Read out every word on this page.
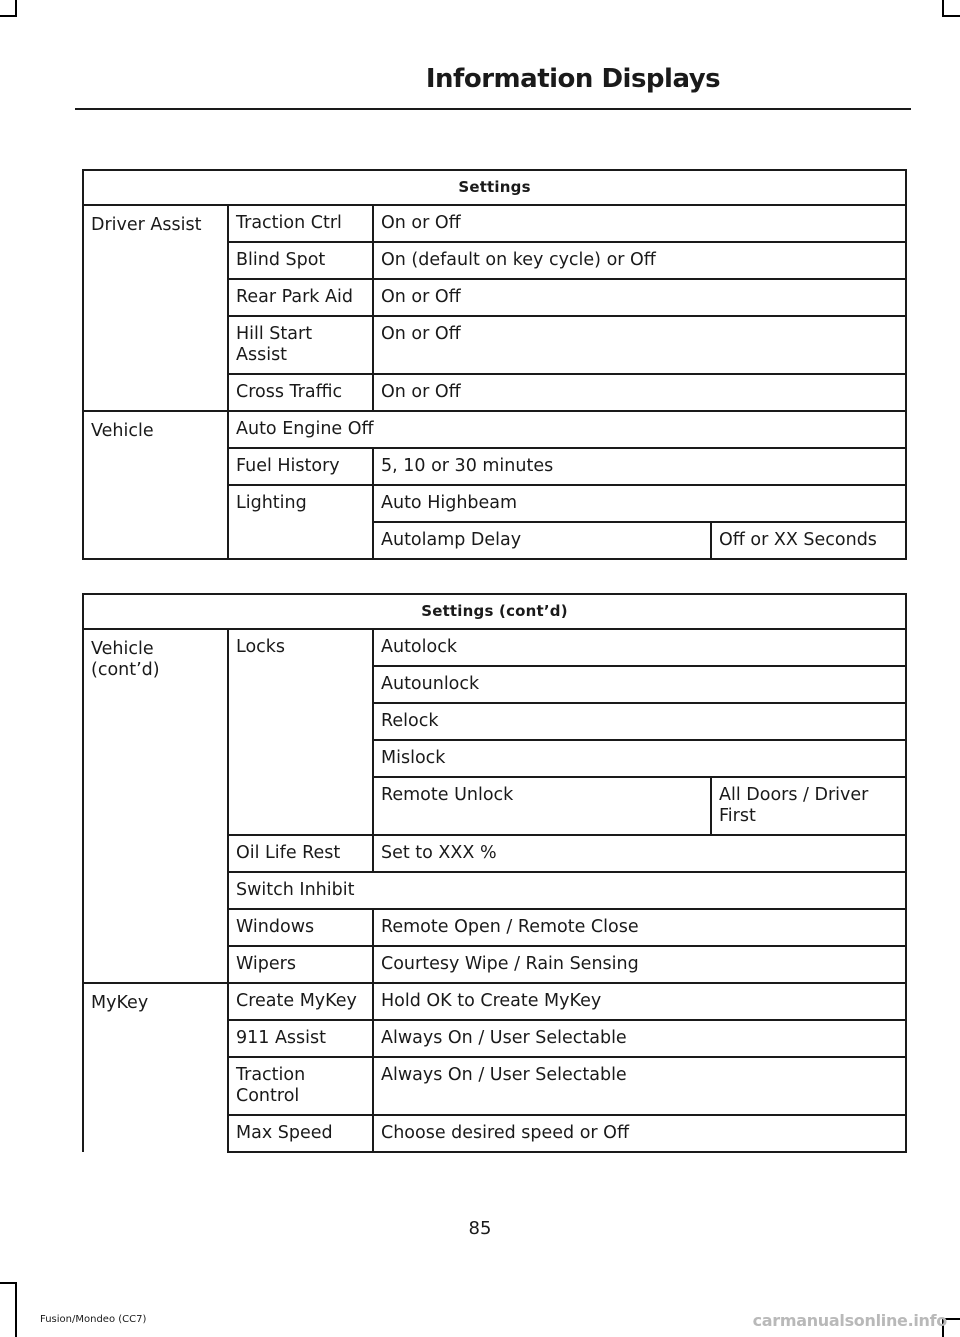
Information Displays
Settings			
Driver Assist	Traction Ctrl	On or Off	
	Blind Spot	On (default on key cycle) or Off	
	Rear Park Aid	On or Off	
	Hill Start Assist	On or Off	
	Cross Traffic	On or Off	
Vehicle	Auto Engine Off		
	Fuel History	5, 10 or 30 minutes	
	Lighting	Auto Highbeam	
		Autolamp Delay	Off or XX Seconds
Settings (cont’d)			
Vehicle (cont’d)	Locks	Autolock	
		Autounlock	
		Relock	
		Mislock	
		Remote Unlock	All Doors / Driver First
	Oil Life Rest	Set to XXX %	
	Switch Inhibit		
	Windows	Remote Open / Remote Close	
	Wipers	Courtesy Wipe / Rain Sensing	

MyKey	Create MyKey	Hold OK to Create MyKey	
	911 Assist	Always On / User Selectable	
	Traction Control	Always On / User Selectable	
	Max Speed	Choose desired speed or Off	
85
Fusion/Mondeo (CC7)	carmanualsonline.info
